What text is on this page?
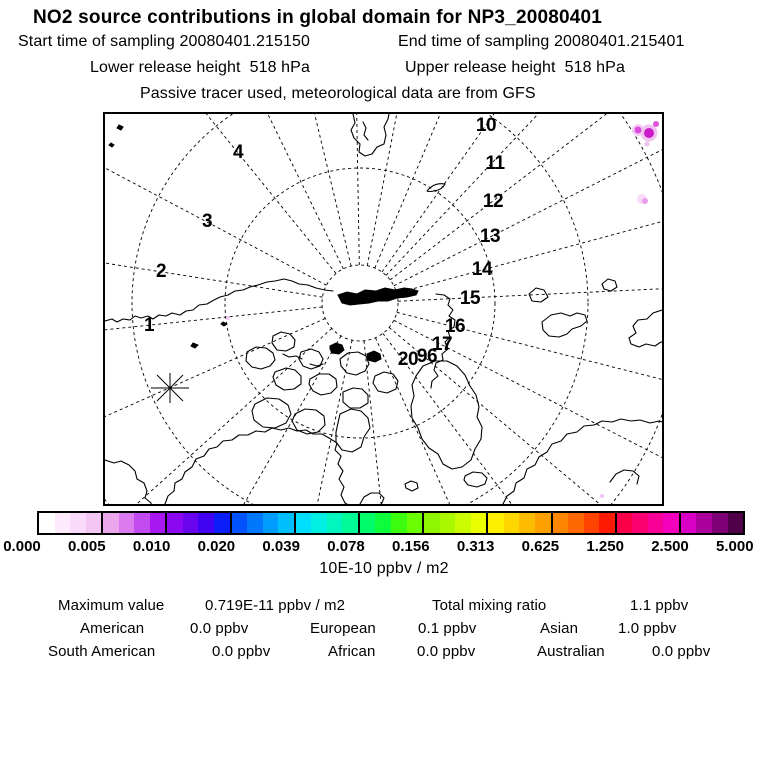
NO2 source contributions in global domain for NP3_20080401
Start time of sampling 20080401.215150	End time of sampling 20080401.215401
Lower release height  518 hPa	Upper release height  518 hPa
Passive tracer used, meteorological data are from GFS
1
2
3
4
10
11
12
13
14
15
16
17
20
96
0.000	0.005	0.010	0.020	0.039	0.078	0.156	0.313	0.625	1.250	2.500	5.000
10E-10 ppbv / m2
Maximum value	0.719E-11 ppbv / m2	Total mixing ratio	1.1 ppbv
American	0.0 ppbv	European	0.1 ppbv	Asian	1.0 ppbv
South American	0.0 ppbv	African	0.0 ppbv	Australian	0.0 ppbv
